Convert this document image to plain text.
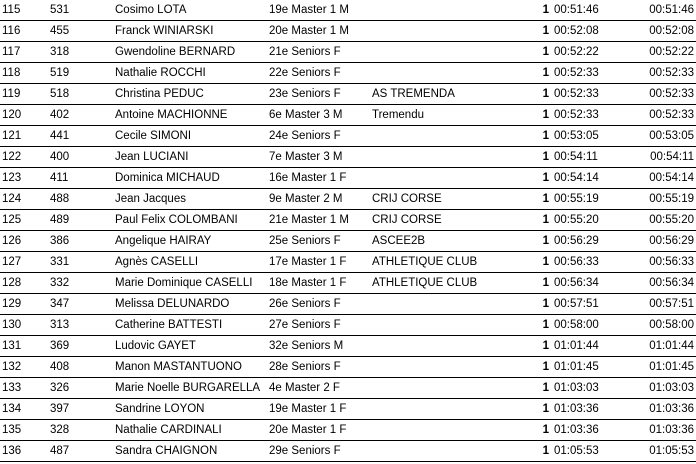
115	531	Cosimo LOTA	19e Master 1 M		1	00:51:46	00:51:46
116	455	Franck WINIARSKI	20e Master 1 M		1	00:52:08	00:52:08
117	318	Gwendoline BERNARD	21e Seniors F		1	00:52:22	00:52:22
118	519	Nathalie ROCCHI	22e Seniors F		1	00:52:33	00:52:33
119	518	Christina PEDUC	23e Seniors F	AS TREMENDA	1	00:52:33	00:52:33
120	402	Antoine MACHIONNE	6e Master 3 M	Tremendu	1	00:52:33	00:52:33
121	441	Cecile SIMONI	24e Seniors F		1	00:53:05	00:53:05
122	400	Jean LUCIANI	7e Master 3 M		1	00:54:11	00:54:11
123	411	Dominica MICHAUD	16e Master 1 F		1	00:54:14	00:54:14
124	488	Jean Jacques	9e Master 2 M	CRIJ CORSE	1	00:55:19	00:55:19
125	489	Paul Felix COLOMBANI	21e Master 1 M	CRIJ CORSE	1	00:55:20	00:55:20
126	386	Angelique HAIRAY	25e Seniors F	ASCEE2B	1	00:56:29	00:56:29
127	331	Agnès CASELLI	17e Master 1 F	ATHLETIQUE CLUB	1	00:56:33	00:56:33
128	332	Marie Dominique CASELLI	18e Master 1 F	ATHLETIQUE CLUB	1	00:56:34	00:56:34
129	347	Melissa DELUNARDO	26e Seniors F		1	00:57:51	00:57:51
130	313	Catherine BATTESTI	27e Seniors F		1	00:58:00	00:58:00
131	369	Ludovic GAYET	32e Seniors M		1	01:01:44	01:01:44
132	408	Manon MASTANTUONO	28e Seniors F		1	01:01:45	01:01:45
133	326	Marie Noelle BURGARELLA	4e Master 2 F		1	01:03:03	01:03:03
134	397	Sandrine LOYON	19e Master 1 F		1	01:03:36	01:03:36
135	328	Nathalie CARDINALI	20e Master 1 F		1	01:03:36	01:03:36
136	487	Sandra CHAIGNON	29e Seniors F		1	01:05:53	01:05:53
